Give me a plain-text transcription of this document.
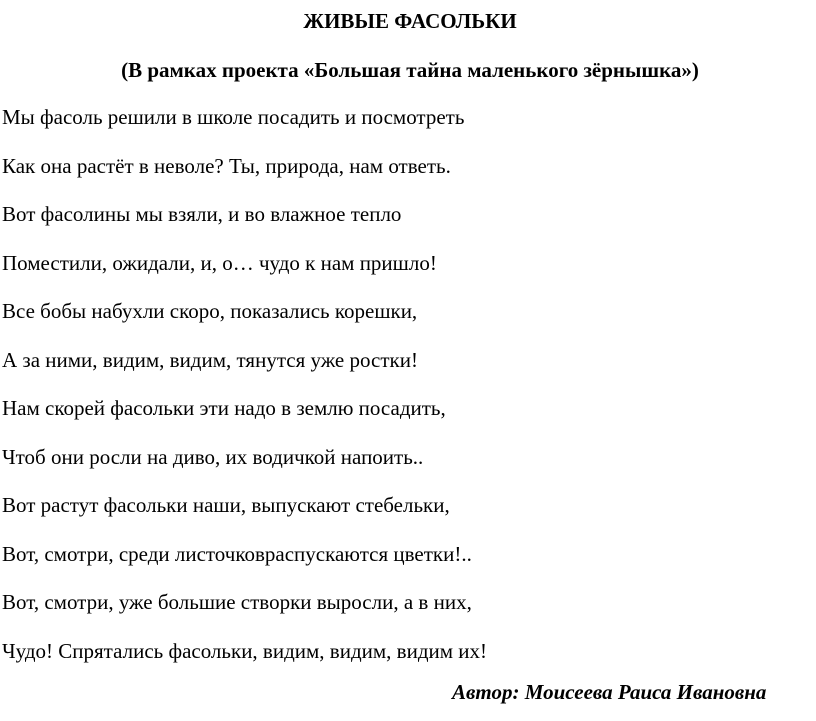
ЖИВЫЕ ФАСОЛЬКИ

(В рамках проекта «Большая тайна маленького зёрнышка»)

Мы фасоль решили в школе посадить и посмотреть
Как она растёт в неволе? Ты, природа, нам ответь.
Вот фасолины мы взяли, и во влажное тепло
Поместили, ожидали, и, о… чудо к нам пришло!
Все бобы набухли скоро, показались корешки,
А за ними, видим, видим, тянутся уже ростки!
Нам скорей фасольки эти надо в землю посадить,
Чтоб они росли на диво, их водичкой напоить..
Вот растут фасольки наши, выпускают стебельки,
Вот, смотри, среди листочковраспускаются цветки!..
Вот, смотри, уже большие створки выросли, а в них,
Чудо! Спрятались фасольки, видим, видим, видим их!
Автор: Моисеева Раиса Ивановна
